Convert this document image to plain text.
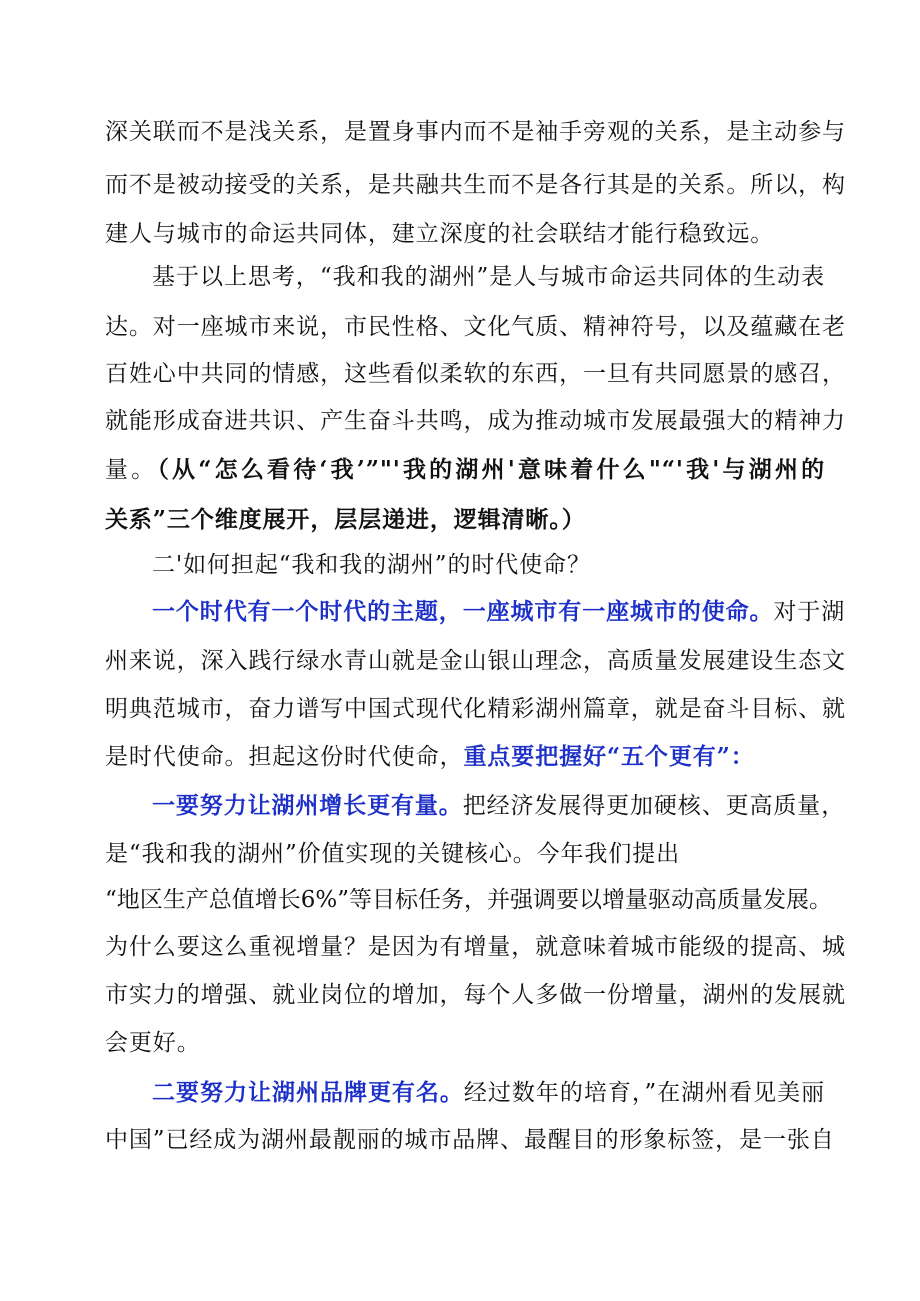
深关联而不是浅关系，是置身事内而不是袖手旁观的关系，是主动参与
而不是被动接受的关系，是共融共生而不是各行其是的关系。所以，构
建人与城市的命运共同体，建立深度的社会联结才能行稳致远。
基于以上思考，“我和我的湖州”是人与城市命运共同体的生动表
达。对一座城市来说，市民性格、文化气质、精神符号，以及蕴藏在老
百姓心中共同的情感，这些看似柔软的东西，一旦有共同愿景的感召，
就能形成奋进共识、产生奋斗共鸣，成为推动城市发展最强大的精神力
量。（从“怎么看待‘我’”"'我的湖州'意味着什么"“'我'与湖州的
关系”三个维度展开，层层递进，逻辑清晰。）
二'如何担起“我和我的湖州”的时代使命？
一个时代有一个时代的主题，一座城市有一座城市的使命。对于湖
州来说，深入践行绿水青山就是金山银山理念，高质量发展建设生态文
明典范城市，奋力谱写中国式现代化精彩湖州篇章，就是奋斗目标、就
是时代使命。担起这份时代使命，重点要把握好“五个更有”：
一要努力让湖州增长更有量。把经济发展得更加硬核、更高质量，
是“我和我的湖州”价值实现的关键核心。今年我们提出
“地区生产总值增长6%”等目标任务，并强调要以增量驱动高质量发展。
为什么要这么重视增量？是因为有增量，就意味着城市能级的提高、城
市实力的增强、就业岗位的增加，每个人多做一份增量，湖州的发展就
会更好。
二要努力让湖州品牌更有名。经过数年的培育，”在湖州看见美丽
中国”已经成为湖州最靓丽的城市品牌、最醒目的形象标签，是一张自
